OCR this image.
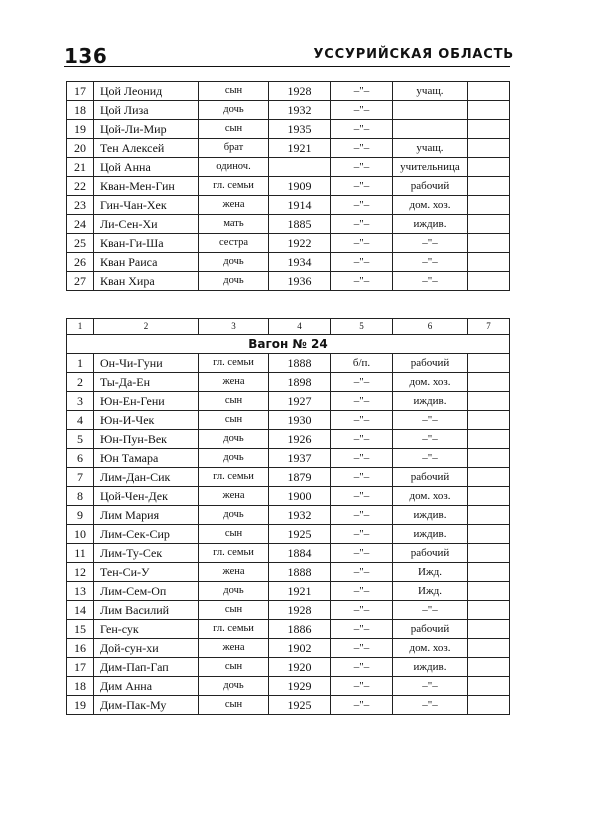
136	УССУРИЙСКАЯ ОБЛАСТЬ
17	Цой Леонид	сын	1928	–"–	учащ.	
18	Цой Лиза	дочь	1932	–"–		
19	Цой-Ли-Мир	сын	1935	–"–		
20	Тен Алексей	брат	1921	–"–	учащ.	
21	Цой Анна	одиноч.		–"–	учительница	
22	Кван-Мен-Гин	гл. семьи	1909	–"–	рабочий	
23	Гин-Чан-Хек	жена	1914	–"–	дом. хоз.	
24	Ли-Сен-Хи	мать	1885	–"–	иждив.	
25	Кван-Ги-Ша	сестра	1922	–"–	–"–	
26	Кван Раиса	дочь	1934	–"–	–"–	
27	Кван Хира	дочь	1936	–"–	–"–	
1	2	3	4	5	6	7
Вагон № 24						
1	Он-Чи-Гуни	гл. семьи	1888	б/п.	рабочий	
2	Ты-Да-Ен	жена	1898	–"–	дом. хоз.	
3	Юн-Ен-Гени	сын	1927	–"–	иждив.	
4	Юн-И-Чек	сын	1930	–"–	–"–	
5	Юн-Пун-Век	дочь	1926	–"–	–"–	
6	Юн Тамара	дочь	1937	–"–	–"–	
7	Лим-Дан-Сик	гл. семьи	1879	–"–	рабочий	
8	Цой-Чен-Дек	жена	1900	–"–	дом. хоз.	
9	Лим Мария	дочь	1932	–"–	иждив.	
10	Лим-Сек-Сир	сын	1925	–"–	иждив.	
11	Лим-Ту-Сек	гл. семьи	1884	–"–	рабочий	
12	Тен-Си-У	жена	1888	–"–	Ижд.	
13	Лим-Сем-Оп	дочь	1921	–"–	Ижд.	
14	Лим Василий	сын	1928	–"–	–"–	
15	Ген-сук	гл. семьи	1886	–"–	рабочий	
16	Дой-сун-хи	жена	1902	–"–	дом. хоз.	
17	Дим-Пап-Гап	сын	1920	–"–	иждив.	
18	Дим Анна	дочь	1929	–"–	–"–	
19	Дим-Пак-Му	сын	1925	–"–	–"–	
